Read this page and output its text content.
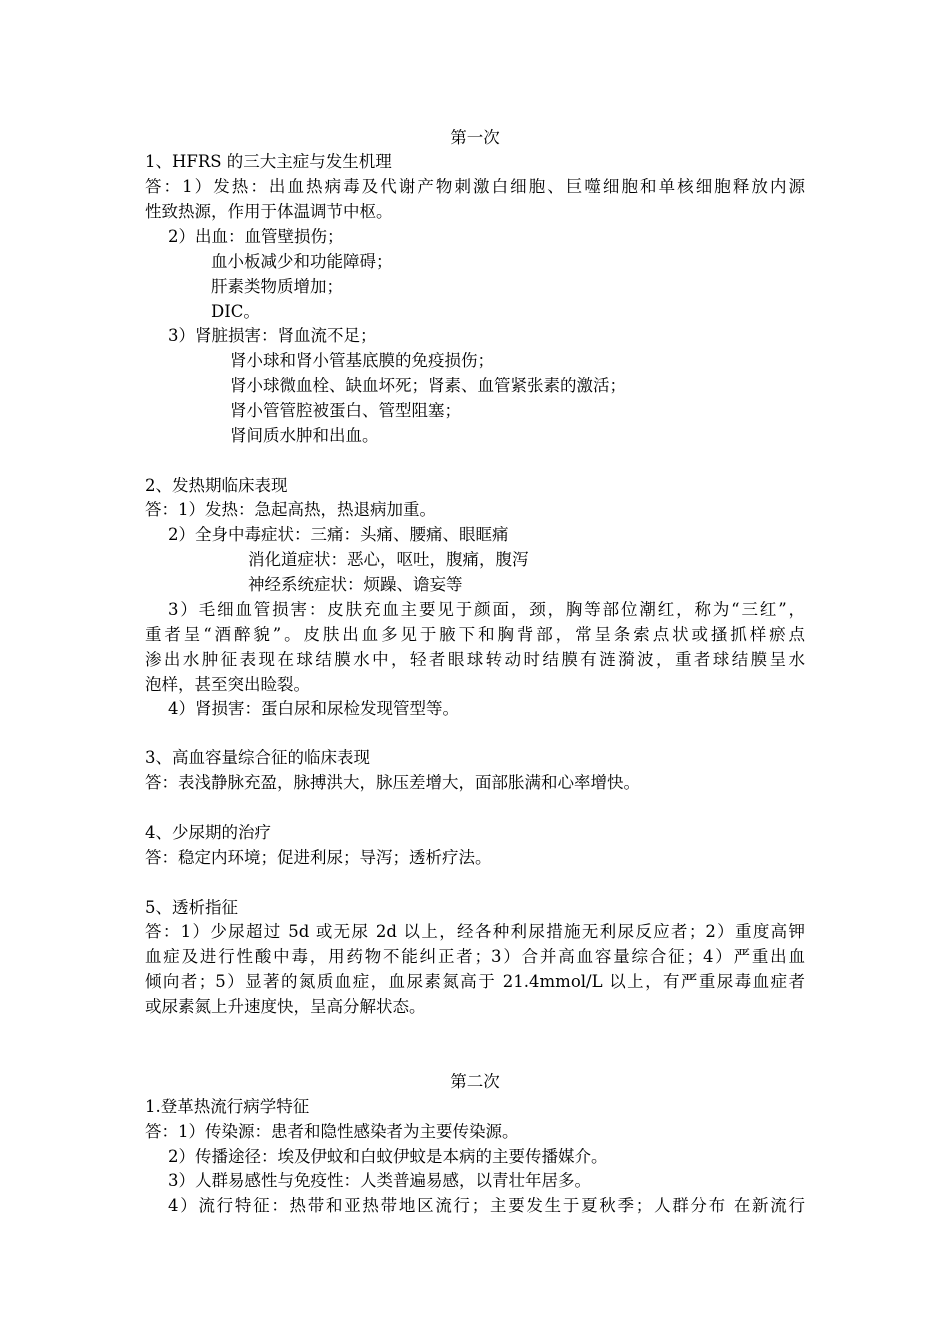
第一次
1、HFRS 的三大主症与发生机理
答：1）发热：出血热病毒及代谢产物刺激白细胞、巨噬细胞和单核细胞释放内源
性致热源，作用于体温调节中枢。
2）出血：血管壁损伤；
血小板减少和功能障碍；
肝素类物质增加；
DIC。
3）肾脏损害：肾血流不足；
肾小球和肾小管基底膜的免疫损伤；
肾小球微血栓、缺血坏死；肾素、血管紧张素的激活；
肾小管管腔被蛋白、管型阻塞；
肾间质水肿和出血。
2、发热期临床表现
答：1）发热：急起高热，热退病加重。
2）全身中毒症状：三痛：头痛、腰痛、眼眶痛
消化道症状：恶心，呕吐，腹痛，腹泻
神经系统症状：烦躁、谵妄等
3）毛细血管损害：皮肤充血主要见于颜面，颈，胸等部位潮红，称为“三红”，
重者呈“酒醉貌”。皮肤出血多见于腋下和胸背部，常呈条索点状或搔抓样瘀点
渗出水肿征表现在球结膜水中，轻者眼球转动时结膜有涟漪波，重者球结膜呈水
泡样，甚至突出睑裂。
4）肾损害：蛋白尿和尿检发现管型等。
3、高血容量综合征的临床表现
答：表浅静脉充盈，脉搏洪大，脉压差增大，面部胀满和心率增快。
4、少尿期的治疗
答：稳定内环境；促进利尿；导泻；透析疗法。
5、透析指征
答：1）少尿超过 5d 或无尿 2d 以上，经各种利尿措施无利尿反应者；2）重度高钾
血症及进行性酸中毒，用药物不能纠正者；3）合并高血容量综合征；4）严重出血
倾向者；5）显著的氮质血症，血尿素氮高于 21.4mmol/L 以上，有严重尿毒血症者
或尿素氮上升速度快，呈高分解状态。
第二次
1.登革热流行病学特征
答：1）传染源：患者和隐性感染者为主要传染源。
2）传播途径：埃及伊蚊和白蚊伊蚊是本病的主要传播媒介。
3）人群易感性与免疫性：人类普遍易感，以青壮年居多。
4）流行特征：热带和亚热带地区流行；主要发生于夏秋季；人群分布 在新流行
